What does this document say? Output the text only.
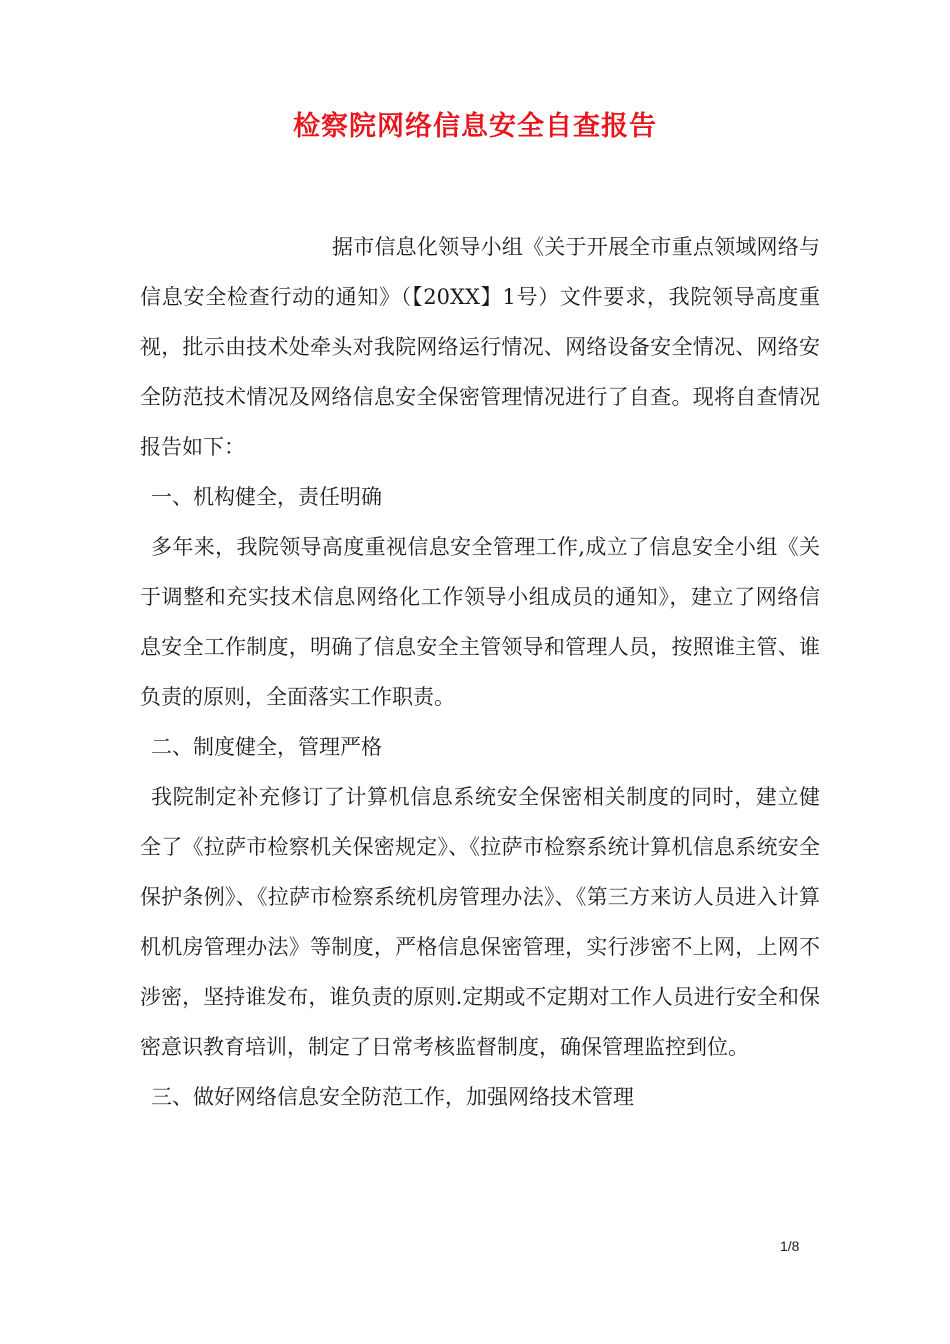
检察院网络信息安全自查报告

据市信息化领导小组《关于开展全市重点领域网络与信息安全检查行动的通知》（【20XX】1号）文件要求，我院领导高度重视，批示由技术处牵头对我院网络运行情况、网络设备安全情况、网络安全防范技术情况及网络信息安全保密管理情况进行了自查。现将自查情况报告如下：

一、机构健全，责任明确

多年来，我院领导高度重视信息安全管理工作,成立了信息安全小组《关于调整和充实技术信息网络化工作领导小组成员的通知》，建立了网络信息安全工作制度，明确了信息安全主管领导和管理人员，按照谁主管、谁负责的原则，全面落实工作职责。

二、制度健全，管理严格

我院制定补充修订了计算机信息系统安全保密相关制度的同时，建立健全了《拉萨市检察机关保密规定》、《拉萨市检察系统计算机信息系统安全保护条例》、《拉萨市检察系统机房管理办法》、《第三方来访人员进入计算机机房管理办法》等制度，严格信息保密管理，实行涉密不上网，上网不涉密，坚持谁发布，谁负责的原则.定期或不定期对工作人员进行安全和保密意识教育培训，制定了日常考核监督制度，确保管理监控到位。

三、做好网络信息安全防范工作，加强网络技术管理

1/8
